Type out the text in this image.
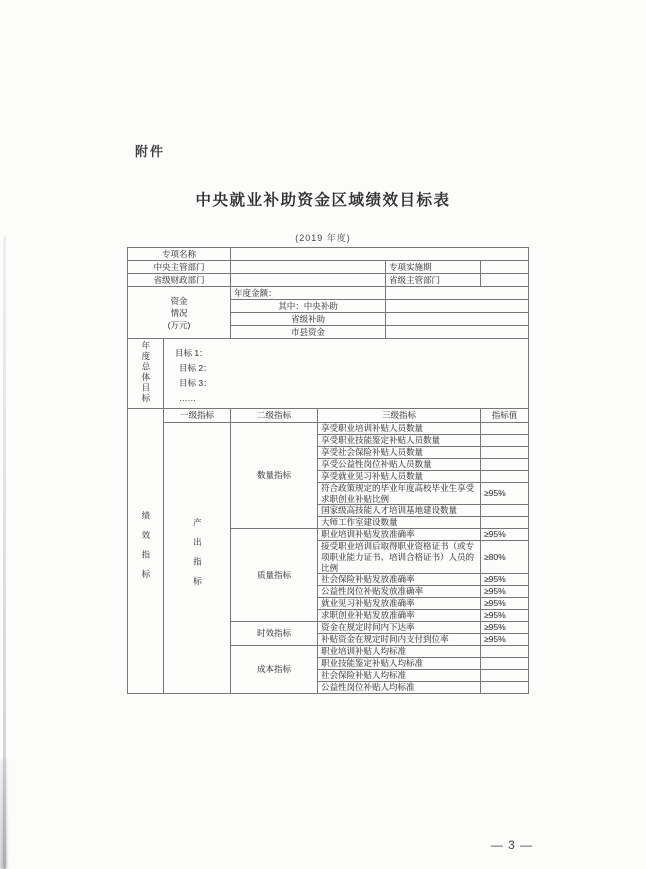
附件
中央就业补助资金区域绩效目标表
(2019 年度)
专项名称					
中央主管部门				专项实施期	
省级财政部门				省级主管部门	

资金
情况
(万元)		年度金额：			
		其中：中央补助			
		省级补助			
		市县资金			
年度总体目标	目标 1：
目标 2：
目标 3：
……				

绩效指标	一级指标	二级指标	三级指标		指标值
	产出指标	数量指标	享受职业培训补贴人员数量		
			享受职业技能鉴定补贴人员数量		
			享受社会保险补贴人员数量		
			享受公益性岗位补贴人员数量		
			享受就业见习补贴人员数量		
			符合政策规定的毕业年度高校毕业生享受求职创业补贴比例		≥95%
			国家级高技能人才培训基地建设数量		
			大师工作室建设数量		
		质量指标	职业培训补贴发放准确率		≥95%
			接受职业培训后取得职业资格证书（或专项职业能力证书、培训合格证书）人员的比例		≥80%
			社会保险补贴发放准确率		≥95%
			公益性岗位补贴发放准确率		≥95%
			就业见习补贴发放准确率		≥95%
			求职创业补贴发放准确率		≥95%
		时效指标	资金在规定时间内下达率		≥95%
			补贴资金在规定时间内支付到位率		≥95%
		成本指标	职业培训补贴人均标准		
			职业技能鉴定补贴人均标准		
			社会保险补贴人均标准		
			公益性岗位补贴人均标准		
— 3 —
